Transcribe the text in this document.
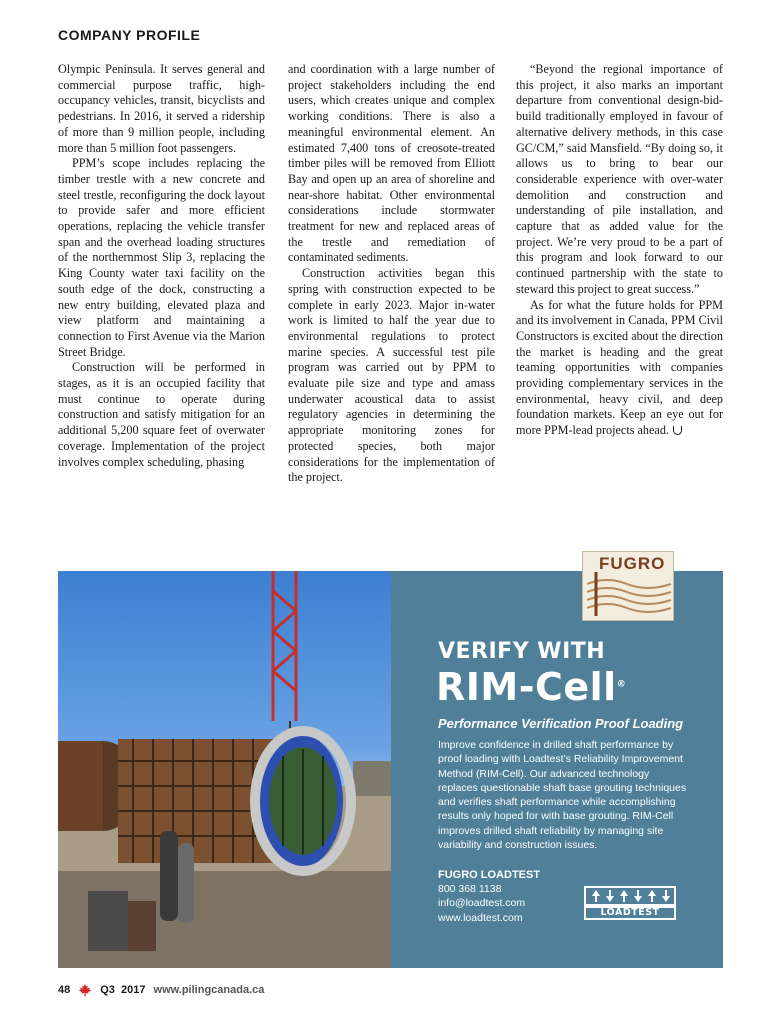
COMPANY PROFILE

Olympic Peninsula. It serves general and commercial purpose traffic, high-occupancy vehicles, transit, bicyclists and pedestrians. In 2016, it served a ridership of more than 9 million people, including more than 5 million foot passengers.

PPM’s scope includes replacing the timber trestle with a new concrete and steel trestle, reconfiguring the dock layout to provide safer and more efficient operations, replacing the vehicle transfer span and the overhead loading structures of the northernmost Slip 3, replacing the King County water taxi facility on the south edge of the dock, constructing a new entry building, elevated plaza and view platform and maintaining a connection to First Avenue via the Marion Street Bridge.

Construction will be performed in stages, as it is an occupied facility that must continue to operate during construction and satisfy mitigation for an additional 5,200 square feet of overwater coverage. Implementation of the project involves complex scheduling, phasing

and coordination with a large number of project stakeholders including the end users, which creates unique and complex working conditions. There is also a meaningful environmental element. An estimated 7,400 tons of creosote-treated timber piles will be removed from Elliott Bay and open up an area of shoreline and near-shore habitat. Other environmental considerations include stormwater treatment for new and replaced areas of the trestle and remediation of contaminated sediments.

Construction activities began this spring with construction expected to be complete in early 2023. Major in-water work is limited to half the year due to environmental regulations to protect marine species. A successful test pile program was carried out by PPM to evaluate pile size and type and amass underwater acoustical data to assist regulatory agencies in determining the appropriate monitoring zones for protected species, both major considerations for the implementation of the project.

“Beyond the regional importance of this project, it also marks an important departure from conventional design-bid-build traditionally employed in favour of alternative delivery methods, in this case GC/CM,” said Mansfield. “By doing so, it allows us to bring to bear our considerable experience with over-water demolition and construction and understanding of pile installation, and capture that as added value for the project. We’re very proud to be a part of this program and look forward to our continued partnership with the state to steward this project to great success.”

As for what the future holds for PPM and its involvement in Canada, PPM Civil Constructors is excited about the direction the market is heading and the great teaming opportunities with companies providing complementary services in the environmental, heavy civil, and deep foundation markets. Keep an eye out for more PPM-lead projects ahead.

FUGRO
VERIFY WITH
RIM-Cell®
Performance Verification Proof Loading
Improve confidence in drilled shaft performance by proof loading with Loadtest’s Reliability Improvement Method (RIM-Cell). Our advanced technology replaces questionable shaft base grouting techniques and verifies shaft performance while accomplishing results only hoped for with base grouting. RIM-Cell improves drilled shaft reliability by managing site variability and construction issues.
FUGRO LOADTEST
800 368 1138
info@loadtest.com
www.loadtest.com	LOADTEST
48	Q3  2017 www.pilingcanada.ca
